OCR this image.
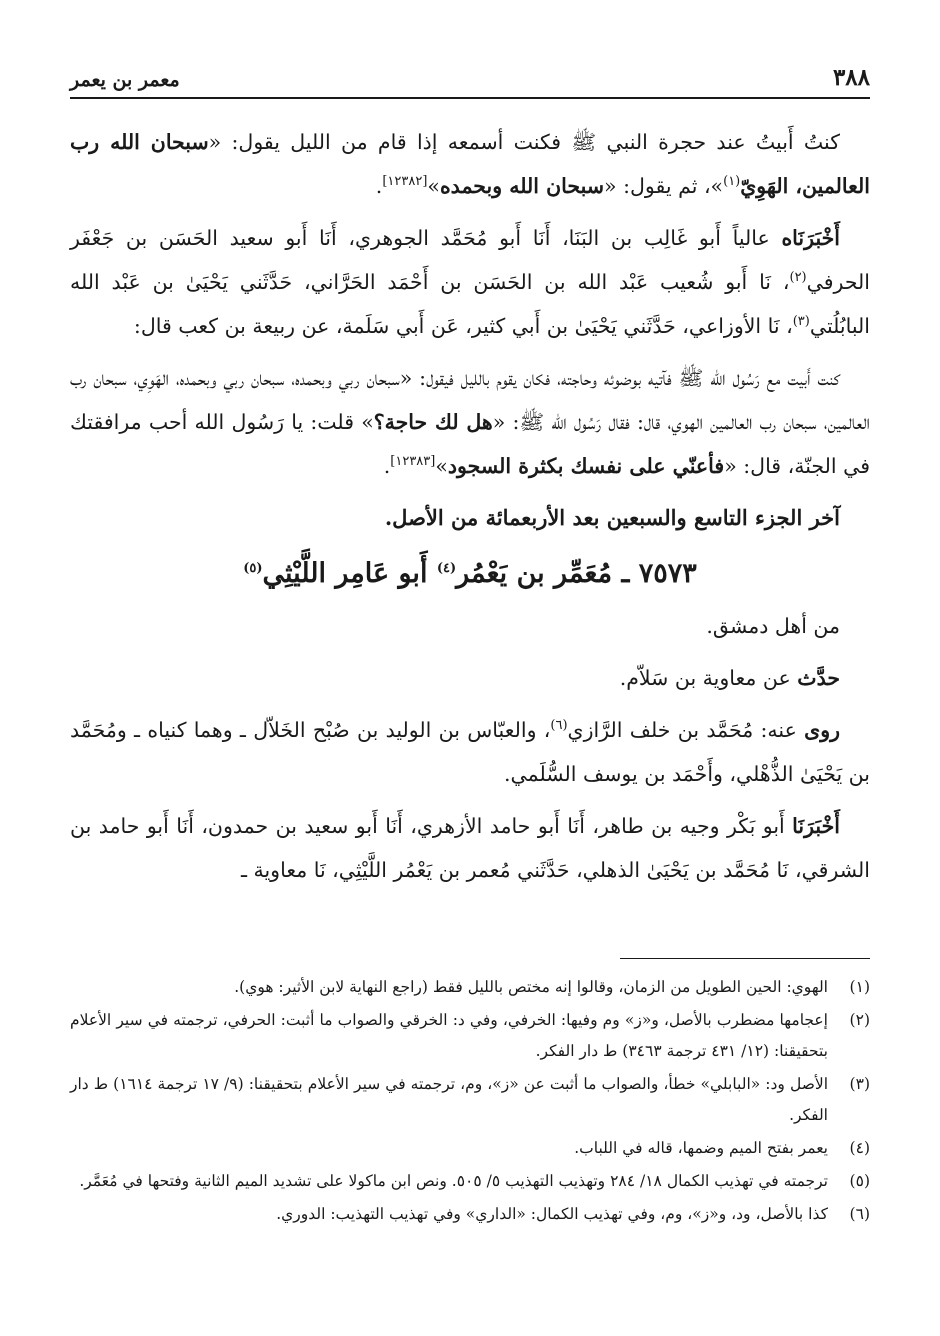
٣٨٨
معمر بن يعمر

كنتُ أَبيتُ عند حجرة النبي ﷺ فكنت أسمعه إذا قام من الليل يقول: «سبحان الله رب العالمين، الهَوِيّ$^{(١)}$»، ثم يقول: «سبحان الله وبحمده»[١٢٣٨٢].

أَخْبَرَنَاه عالياً أَبو غَالِب بن البَنَا، أَنَا أَبو مُحَمَّد الجوهري، أَنَا أَبو سعيد الحَسَن بن جَعْفَر الحرفي$^{(٢)}$، نَا أَبو شُعيب عَبْد الله بن الحَسَن بن أَحْمَد الحَرَّاني، حَدَّثَني يَحْيَىٰ بن عَبْد الله البابُلُتي$^{(٣)}$، نَا الأوزاعي، حَدَّثَني يَحْيَىٰ بن أَبي كثير، عَن أَبي سَلَمة، عن ربيعة بن كعب قال:

كنت أَبيت مع رَسُول الله ﷺ فآتيه بوضوئه وحاجته، فكان يقوم بالليل فيقول: «سبحان ربي وبحمده، سبحان ربي وبحمده، الهَوِي، سبحان رب العالمين، سبحان رب العالمين الهوي، قال: فقال رَسُول الله ﷺ: «هل لك حاجة؟» قلت: يا رَسُول الله أحب مرافقتك في الجنّة، قال: «فأعنّي على نفسك بكثرة السجود»[١٢٣٨٣].

آخر الجزء التاسع والسبعين بعد الأربعمائة من الأصل.

٧٥٧٣ ـ مُعَمِّر بن يَعْمُر$^{(٤)}$ أَبو عَامِر اللَّيْثِي$^{(٥)}$

من أهل دمشق.

حدَّث عن معاوية بن سَلاّم.

روى عنه: مُحَمَّد بن خلف الرَّازي$^{(٦)}$، والعبّاس بن الوليد بن صُبْح الخَلاّل ـ وهما كنياه ـ ومُحَمَّد بن يَحْيَىٰ الذُّهْلي، وأَحْمَد بن يوسف السُّلَمي.

أَخْبَرَنَا أَبو بَكْر وجيه بن طاهر، أَنَا أَبو حامد الأزهري، أَنَا أَبو سعيد بن حمدون، أَنَا أَبو حامد بن الشرقي، نَا مُحَمَّد بن يَحْيَىٰ الذهلي، حَدَّثَني مُعمر بن يَعْمُر اللَّيْثِي، نَا معاوية ـ

(١)
الهوي: الحين الطويل من الزمان، وقالوا إنه مختص بالليل فقط (راجع النهاية لابن الأثير: هوي).
(٢)
إعجامها مضطرب بالأصل، و«ز» وم وفيها: الخرفي، وفي د: الخرقي والصواب ما أثبت: الحرفي، ترجمته في سير الأعلام بتحقيقنا: (١٢/ ٤٣١ ترجمة ٣٤٦٣) ط دار الفكر.
(٣)
الأصل ود: «البابلي» خطأ، والصواب ما أثبت عن «ز»، وم، ترجمته في سير الأعلام بتحقيقنا: (٩/ ١٧ ترجمة ١٦١٤) ط دار الفكر.
(٤)
يعمر بفتح الميم وضمها، قاله في اللباب.
(٥)
ترجمته في تهذيب الكمال ١٨/ ٢٨٤ وتهذيب التهذيب ٥/ ٥٠٥. ونص ابن ماكولا على تشديد الميم الثانية وفتحها في مُعَمَّر.
(٦)
كذا بالأصل، ود، و«ز»، وم، وفي تهذيب الكمال: «الداري» وفي تهذيب التهذيب: الدوري.
